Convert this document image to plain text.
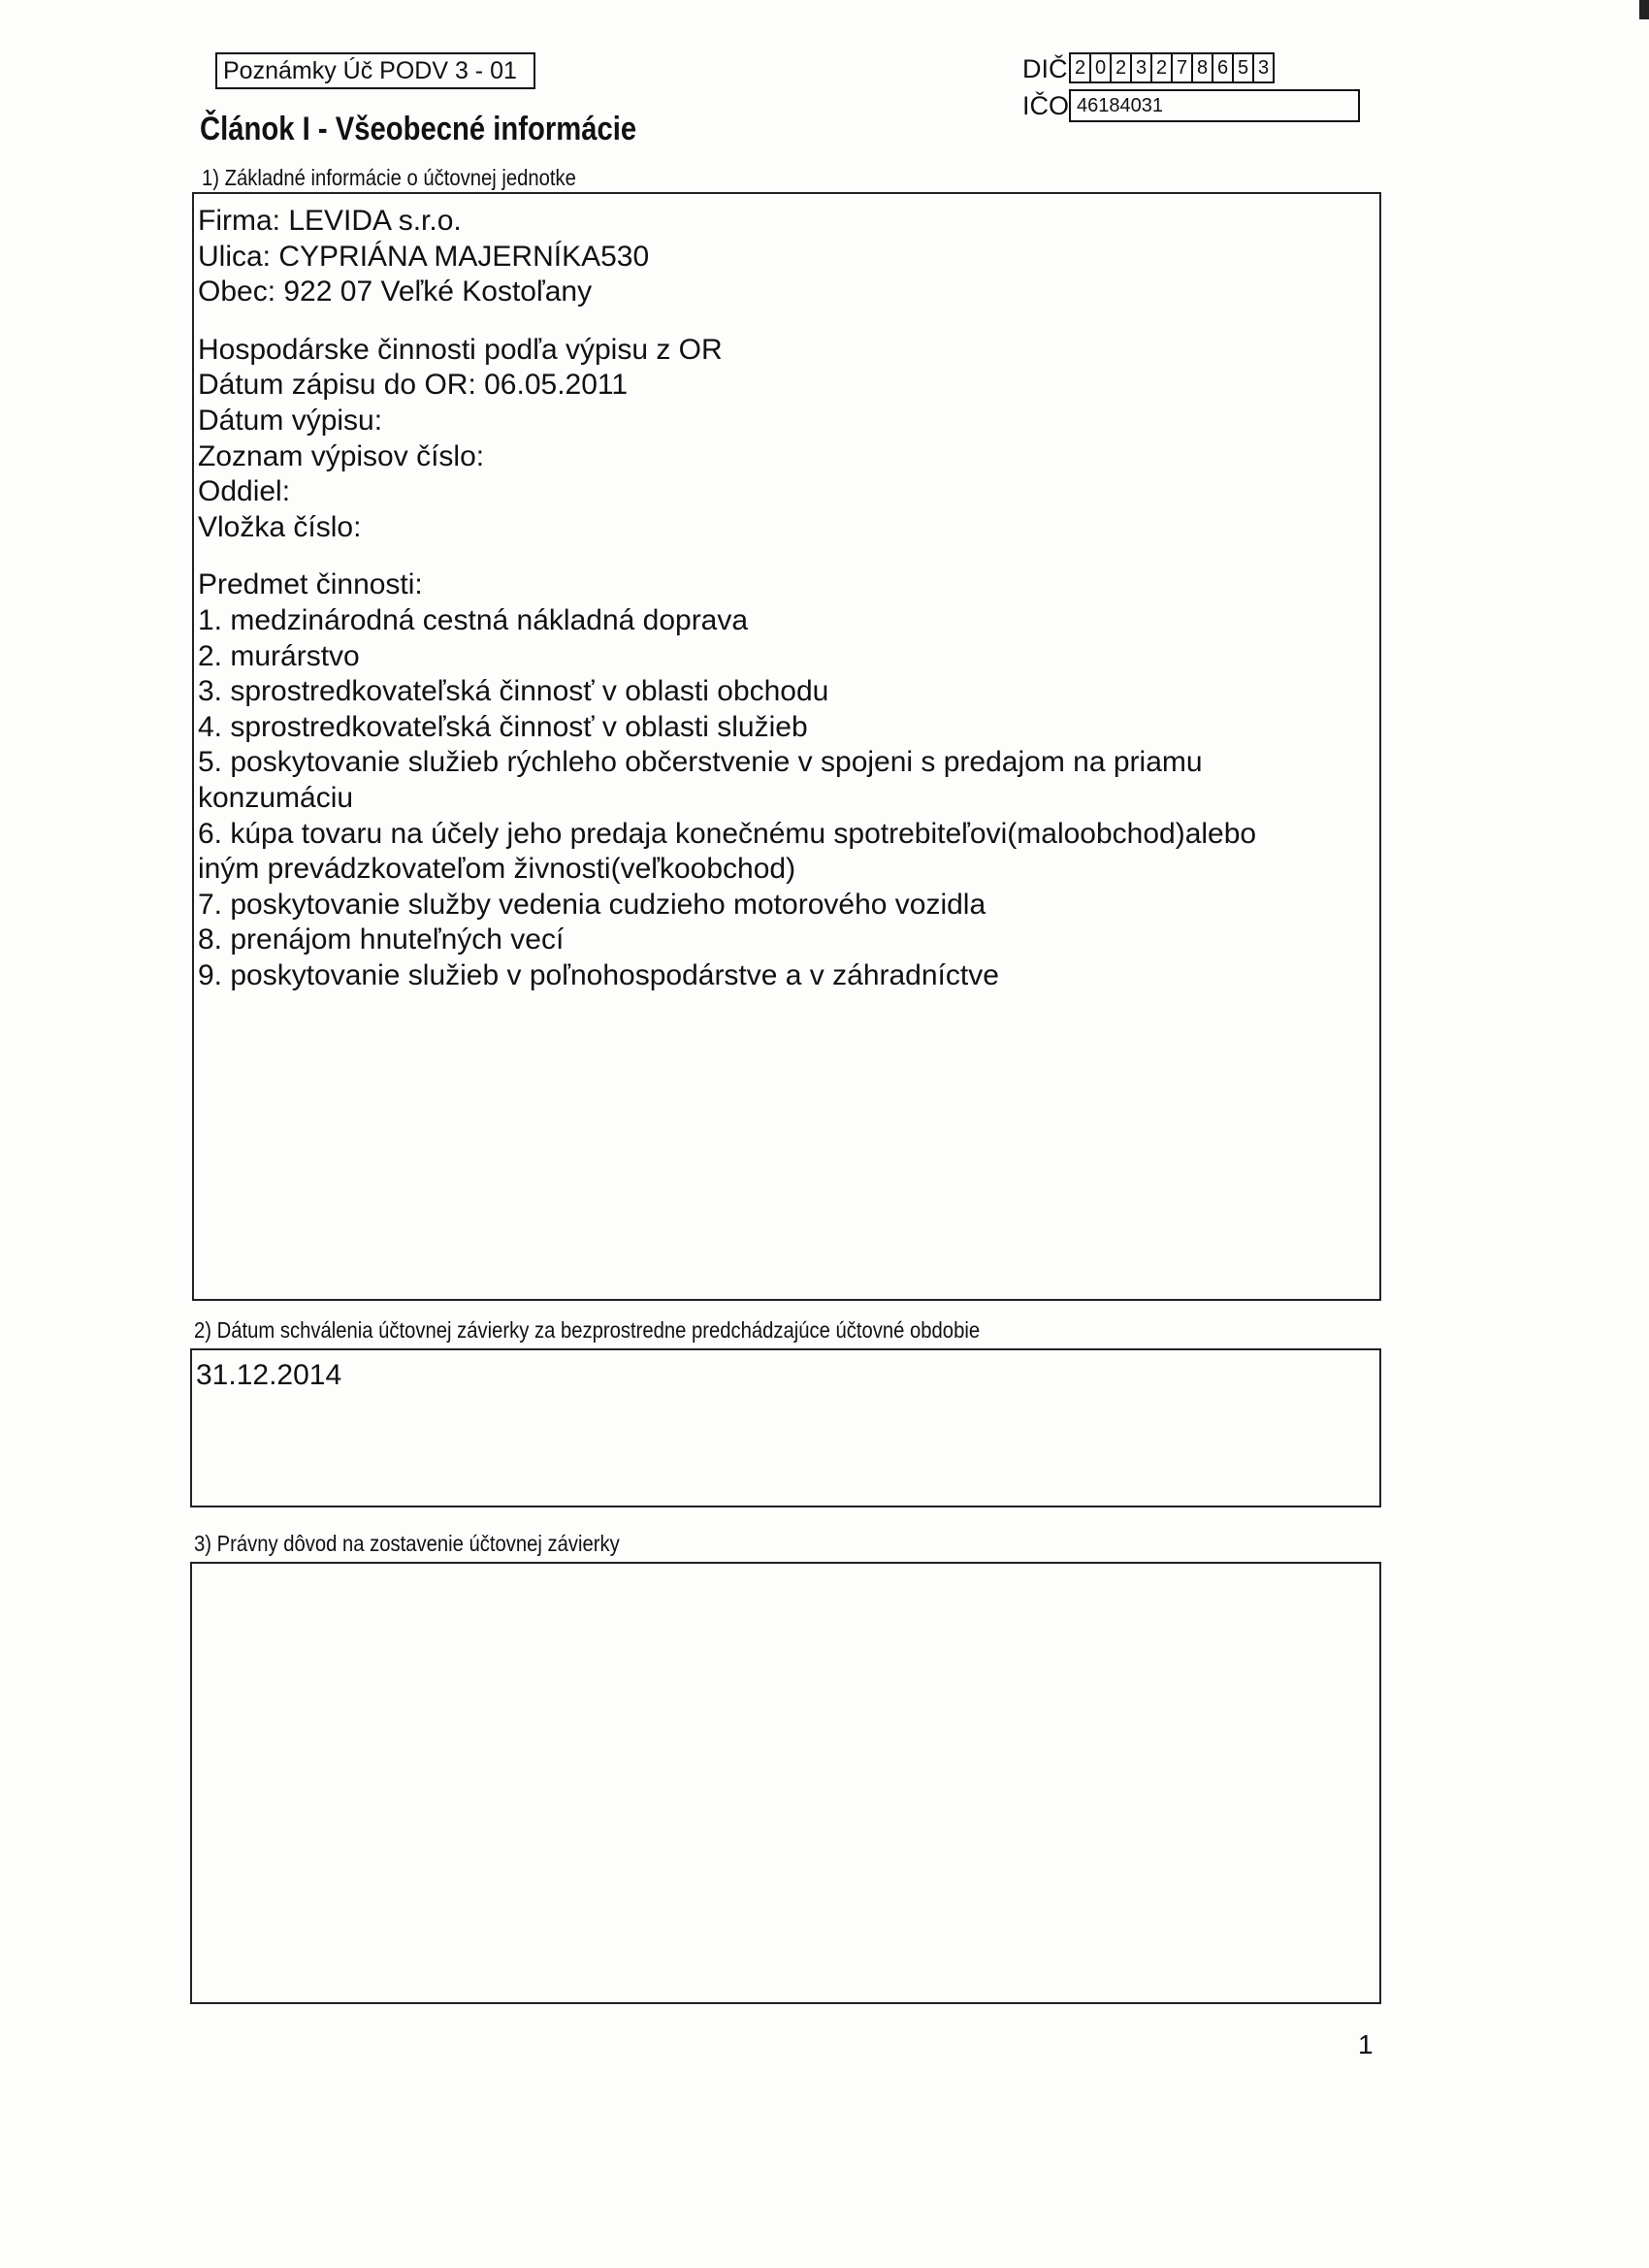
Poznámky Úč PODV 3 - 01	DIČ 2 0 2 3 2 7 8 6 5 3
IČO 46184031
Článok I - Všeobecné informácie
1) Základné informácie o účtovnej jednotke
Firma: LEVIDA s.r.o.
Ulica: CYPRIÁNA MAJERNÍKA530
Obec: 922 07 Veľké Kostoľany
Hospodárske činnosti podľa výpisu z OR
Dátum zápisu do OR: 06.05.2011
Dátum výpisu:
Zoznam výpisov číslo:
Oddiel:
Vložka číslo:
Predmet činnosti:
1. medzinárodná cestná nákladná doprava
2. murárstvo
3. sprostredkovateľská činnosť v oblasti obchodu
4. sprostredkovateľská činnosť v oblasti služieb
5. poskytovanie služieb rýchleho občerstvenie v spojeni s predajom na priamu
konzumáciu
6. kúpa tovaru na účely jeho predaja konečnému spotrebiteľovi(maloobchod)alebo
iným prevádzkovateľom živnosti(veľkoobchod)
7. poskytovanie služby vedenia cudzieho motorového vozidla
8. prenájom hnuteľných vecí
9. poskytovanie služieb v poľnohospodárstve a v záhradníctve
2) Dátum schválenia účtovnej závierky za bezprostredne predchádzajúce účtovné obdobie
31.12.2014
3) Právny dôvod na zostavenie účtovnej závierky
1
